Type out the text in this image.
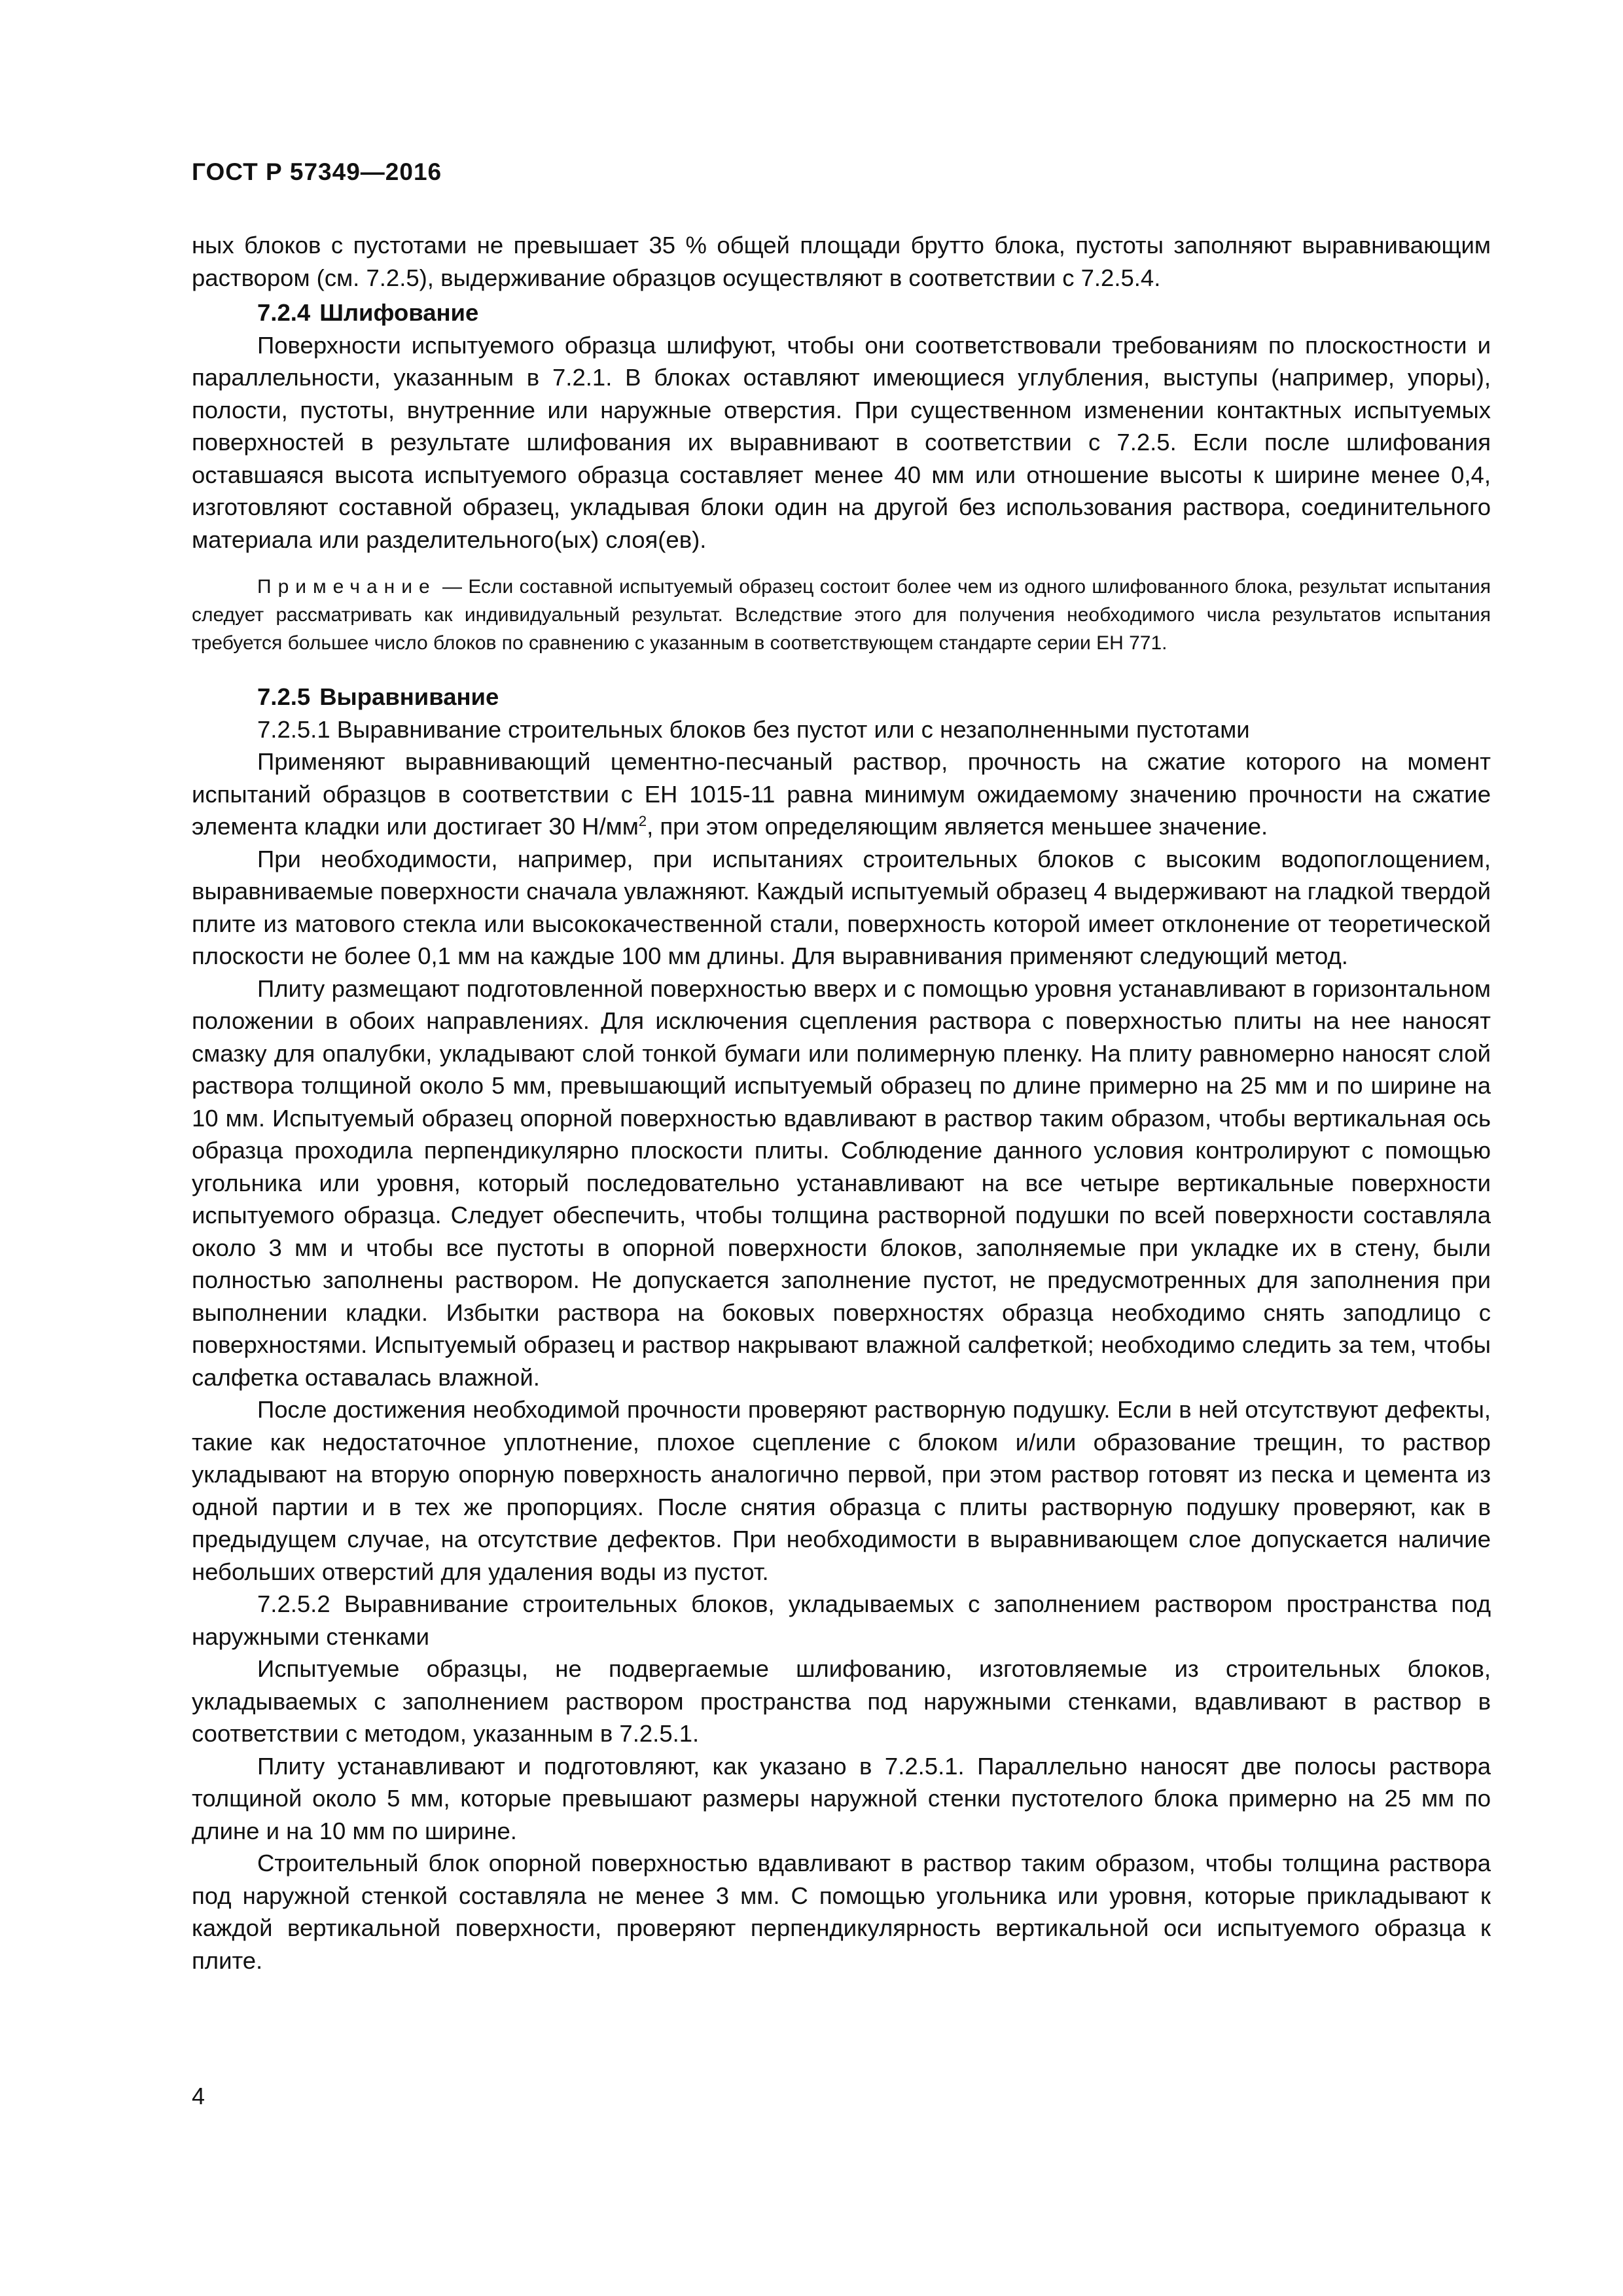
ГОСТ Р 57349—2016

ных блоков с пустотами не превышает 35 % общей площади брутто блока, пустоты заполняют выравнивающим раствором (см. 7.2.5), выдерживание образцов осуществляют в соответствии с 7.2.5.4.

7.2.4 Шлифование

Поверхности испытуемого образца шлифуют, чтобы они соответствовали требованиям по плоскостности и параллельности, указанным в 7.2.1. В блоках оставляют имеющиеся углубления, выступы (например, упоры), полости, пустоты, внутренние или наружные отверстия. При существенном изменении контактных испытуемых поверхностей в результате шлифования их выравнивают в соответствии с 7.2.5. Если после шлифования оставшаяся высота испытуемого образца составляет менее 40 мм или отношение высоты к ширине менее 0,4, изготовляют составной образец, укладывая блоки один на другой без использования раствора, соединительного материала или разделительного(ых) слоя(ев).

Примечание — Если составной испытуемый образец состоит более чем из одного шлифованного блока, результат испытания следует рассматривать как индивидуальный результат. Вследствие этого для получения необходимого числа результатов испытания требуется большее число блоков по сравнению с указанным в соответствующем стандарте серии ЕН 771.

7.2.5 Выравнивание

7.2.5.1 Выравнивание строительных блоков без пустот или с незаполненными пустотами

Применяют выравнивающий цементно-песчаный раствор, прочность на сжатие которого на момент испытаний образцов в соответствии с ЕН 1015-11 равна минимум ожидаемому значению прочности на сжатие элемента кладки или достигает 30 $Н/мм^2$, при этом определяющим является меньшее значение.

При необходимости, например, при испытаниях строительных блоков с высоким водопоглощением, выравниваемые поверхности сначала увлажняют. Каждый испытуемый образец 4 выдерживают на гладкой твердой плите из матового стекла или высококачественной стали, поверхность которой имеет отклонение от теоретической плоскости не более 0,1 мм на каждые 100 мм длины. Для выравнивания применяют следующий метод.

Плиту размещают подготовленной поверхностью вверх и с помощью уровня устанавливают в горизонтальном положении в обоих направлениях. Для исключения сцепления раствора с поверхностью плиты на нее наносят смазку для опалубки, укладывают слой тонкой бумаги или полимерную пленку. На плиту равномерно наносят слой раствора толщиной около 5 мм, превышающий испытуемый образец по длине примерно на 25 мм и по ширине на 10 мм. Испытуемый образец опорной поверхностью вдавливают в раствор таким образом, чтобы вертикальная ось образца проходила перпендикулярно плоскости плиты. Соблюдение данного условия контролируют с помощью угольника или уровня, который последовательно устанавливают на все четыре вертикальные поверхности испытуемого образца. Следует обеспечить, чтобы толщина растворной подушки по всей поверхности составляла около 3 мм и чтобы все пустоты в опорной поверхности блоков, заполняемые при укладке их в стену, были полностью заполнены раствором. Не допускается заполнение пустот, не предусмотренных для заполнения при выполнении кладки. Избытки раствора на боковых поверхностях образца необходимо снять заподлицо с поверхностями. Испытуемый образец и раствор накрывают влажной салфеткой; необходимо следить за тем, чтобы салфетка оставалась влажной.

После достижения необходимой прочности проверяют растворную подушку. Если в ней отсутствуют дефекты, такие как недостаточное уплотнение, плохое сцепление с блоком и/или образование трещин, то раствор укладывают на вторую опорную поверхность аналогично первой, при этом раствор готовят из песка и цемента из одной партии и в тех же пропорциях. После снятия образца с плиты растворную подушку проверяют, как в предыдущем случае, на отсутствие дефектов. При необходимости в выравнивающем слое допускается наличие небольших отверстий для удаления воды из пустот.

7.2.5.2 Выравнивание строительных блоков, укладываемых с заполнением раствором пространства под наружными стенками

Испытуемые образцы, не подвергаемые шлифованию, изготовляемые из строительных блоков, укладываемых с заполнением раствором пространства под наружными стенками, вдавливают в раствор в соответствии с методом, указанным в 7.2.5.1.

Плиту устанавливают и подготовляют, как указано в 7.2.5.1. Параллельно наносят две полосы раствора толщиной около 5 мм, которые превышают размеры наружной стенки пустотелого блока примерно на 25 мм по длине и на 10 мм по ширине.

Строительный блок опорной поверхностью вдавливают в раствор таким образом, чтобы толщина раствора под наружной стенкой составляла не менее 3 мм. С помощью угольника или уровня, которые прикладывают к каждой вертикальной поверхности, проверяют перпендикулярность вертикальной оси испытуемого образца к плите.

4
